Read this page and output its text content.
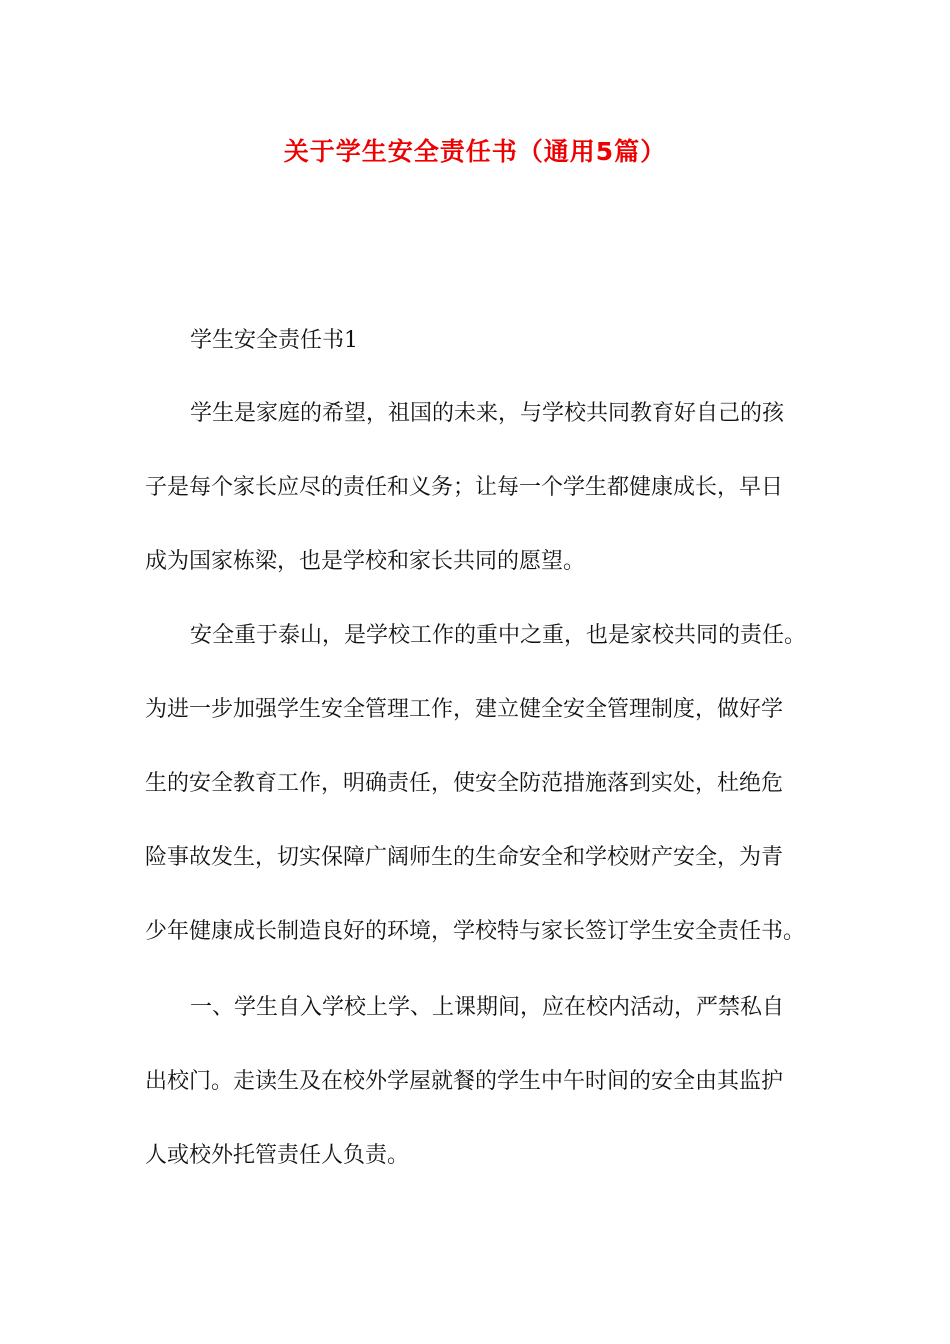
关于学生安全责任书（通用5篇）

学生安全责任书1

学生是家庭的希望，祖国的未来，与学校共同教育好自己的孩

子是每个家长应尽的责任和义务；让每一个学生都健康成长，早日

成为国家栋梁，也是学校和家长共同的愿望。

安全重于泰山，是学校工作的重中之重，也是家校共同的责任。

为进一步加强学生安全管理工作，建立健全安全管理制度，做好学

生的安全教育工作，明确责任，使安全防范措施落到实处，杜绝危

险事故发生，切实保障广阔师生的生命安全和学校财产安全，为青

少年健康成长制造良好的环境，学校特与家长签订学生安全责任书。

一、学生自入学校上学、上课期间，应在校内活动，严禁私自

出校门。走读生及在校外学屋就餐的学生中午时间的安全由其监护

人或校外托管责任人负责。
